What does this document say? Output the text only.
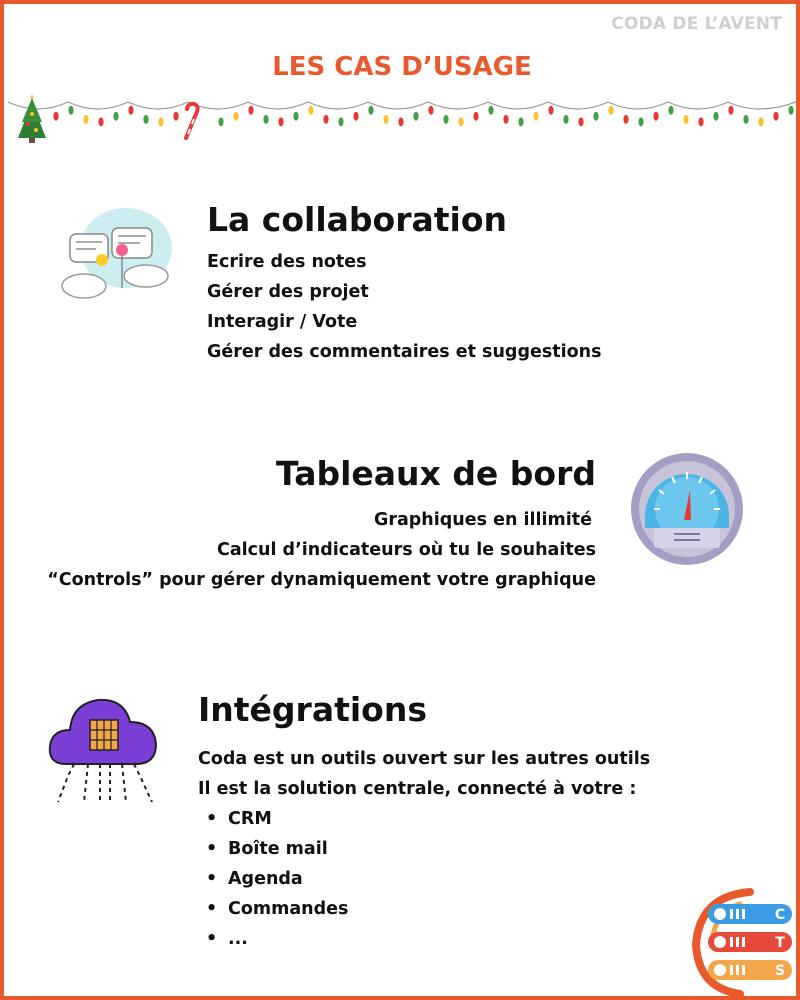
CODA DE L’AVENT
LES CAS D’USAGE
La collaboration
Ecrire des notes
Gérer des projet
Interagir / Vote
Gérer des commentaires et suggestions
Tableaux de bord
Graphiques en illimité
Calcul d’indicateurs où tu le souhaites
“Controls” pour gérer dynamiquement votre graphique
Intégrations
Coda est un outils ouvert sur les autres outils
Il est la solution centrale, connecté à votre :
• CRM
• Boîte mail
• Agenda
• Commandes
• ...
C
T
S
